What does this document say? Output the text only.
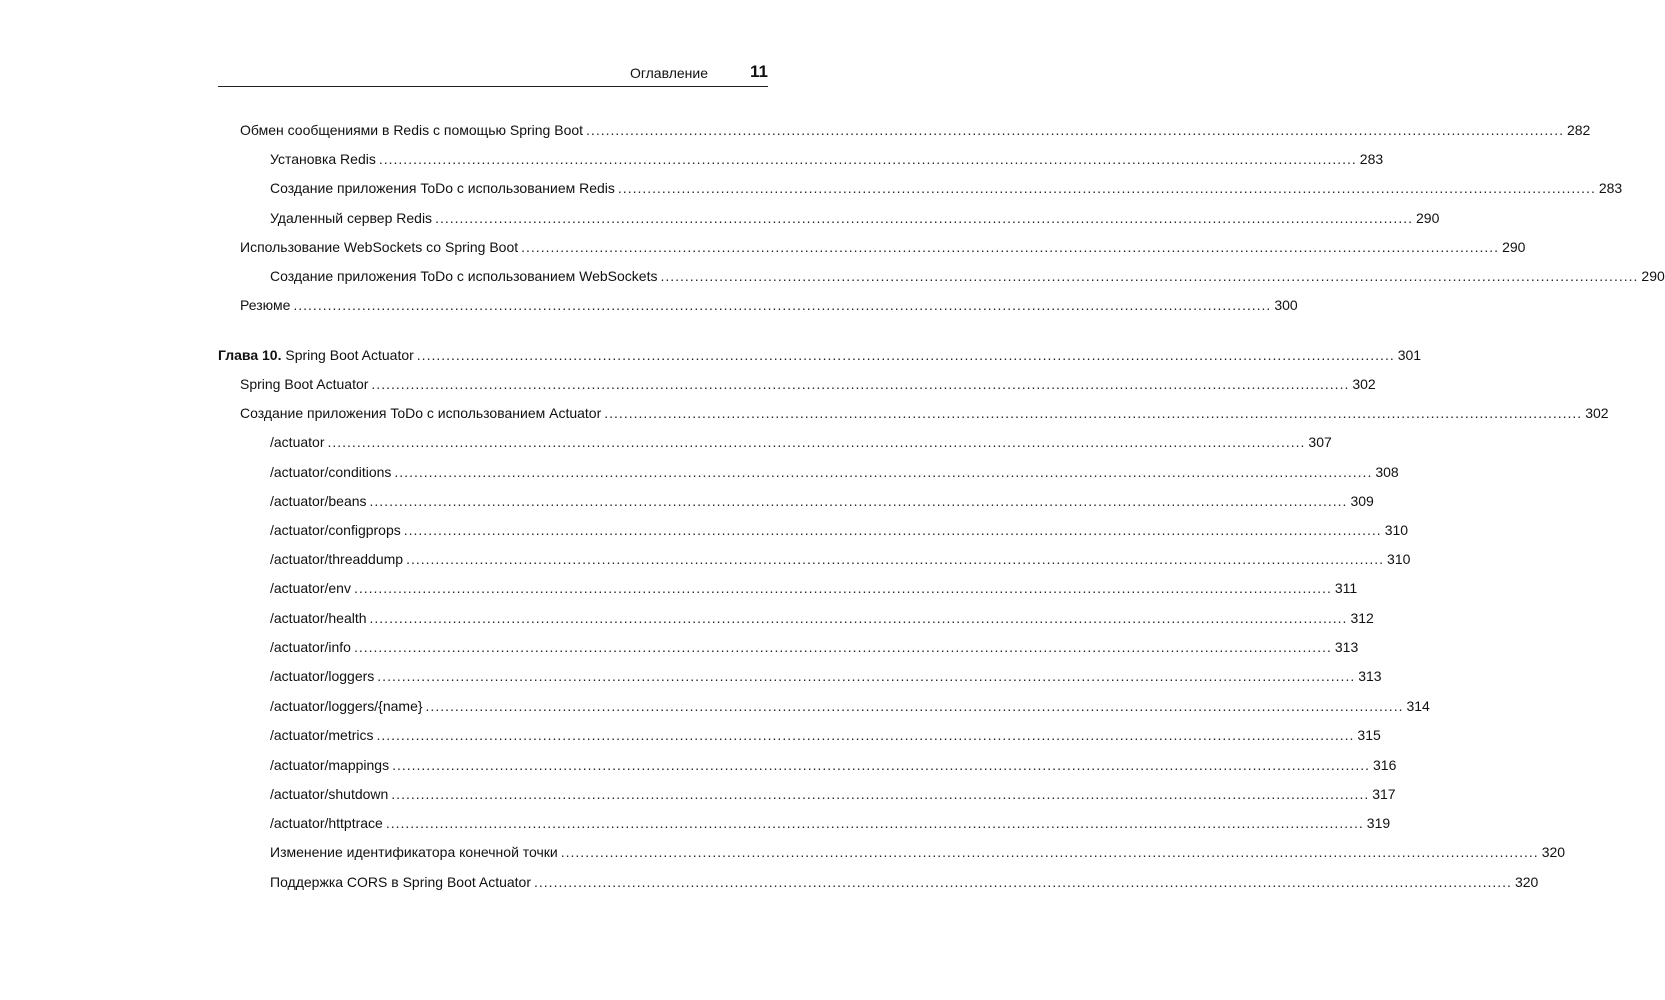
Оглавление 11
Обмен сообщениями в Redis с помощью Spring Boot ........................................................................................................................................................................................................ 282
Установка Redis ........................................................................................................................................................................................................ 283
Создание приложения ToDo с использованием Redis ........................................................................................................................................................................................................ 283
Удаленный сервер Redis ........................................................................................................................................................................................................ 290
Использование WebSockets со Spring Boot ........................................................................................................................................................................................................ 290
Создание приложения ToDo с использованием WebSockets ........................................................................................................................................................................................................ 290
Резюме ........................................................................................................................................................................................................ 300
Глава 10. Spring Boot Actuator ........................................................................................................................................................................................................ 301
Spring Boot Actuator ........................................................................................................................................................................................................ 302
Создание приложения ToDo с использованием Actuator ........................................................................................................................................................................................................ 302
/actuator ........................................................................................................................................................................................................ 307
/actuator/conditions ........................................................................................................................................................................................................ 308
/actuator/beans ........................................................................................................................................................................................................ 309
/actuator/configprops ........................................................................................................................................................................................................ 310
/actuator/threaddump ........................................................................................................................................................................................................ 310
/actuator/env ........................................................................................................................................................................................................ 311
/actuator/health ........................................................................................................................................................................................................ 312
/actuator/info ........................................................................................................................................................................................................ 313
/actuator/loggers ........................................................................................................................................................................................................ 313
/actuator/loggers/{name} ........................................................................................................................................................................................................ 314
/actuator/metrics ........................................................................................................................................................................................................ 315
/actuator/mappings ........................................................................................................................................................................................................ 316
/actuator/shutdown ........................................................................................................................................................................................................ 317
/actuator/httptrace ........................................................................................................................................................................................................ 319
Изменение идентификатора конечной точки ........................................................................................................................................................................................................ 320
Поддержка CORS в Spring Boot Actuator ........................................................................................................................................................................................................ 320
